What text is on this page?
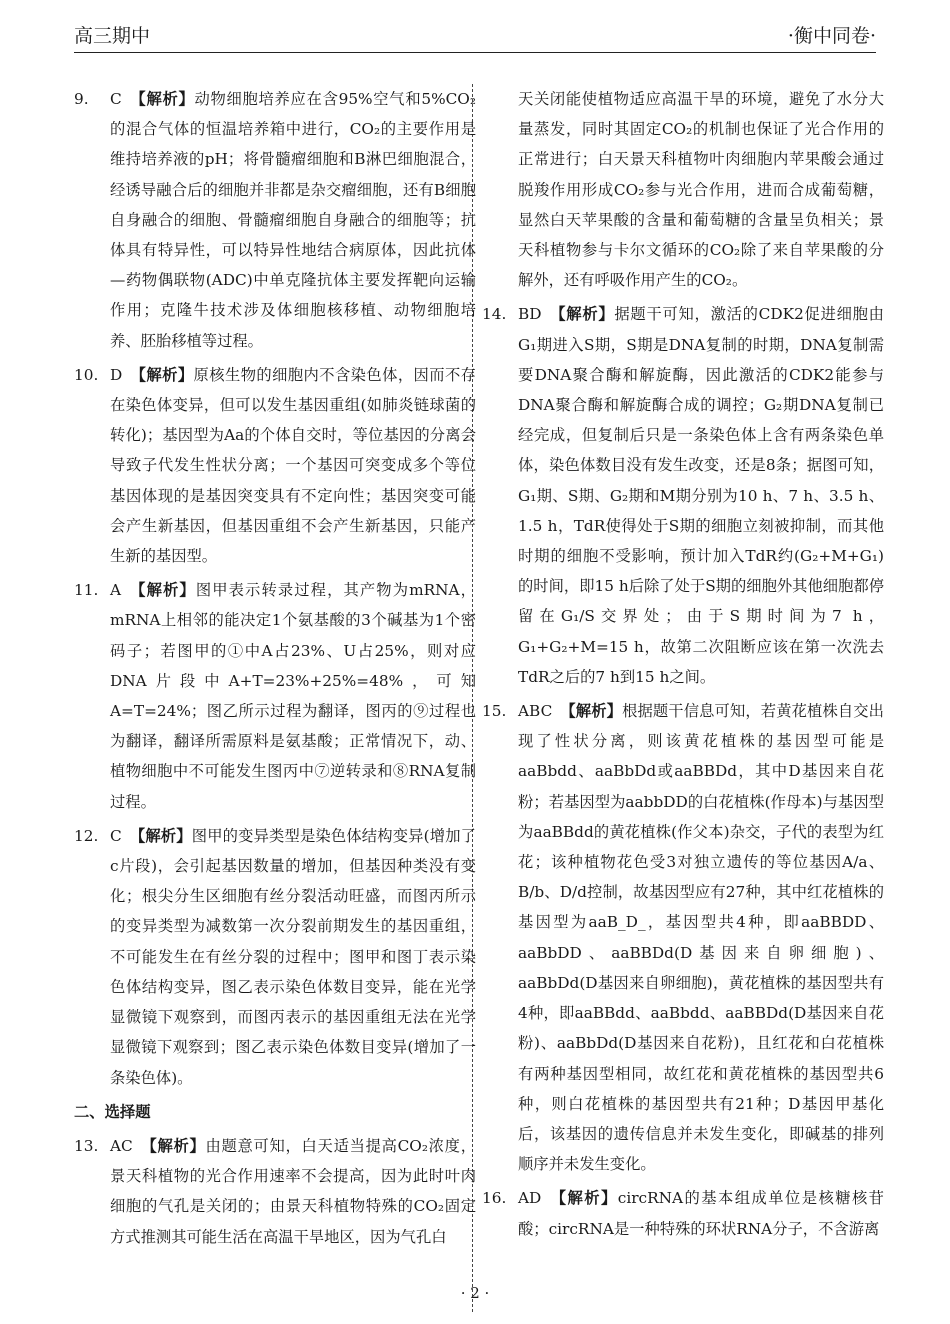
高三期中	·衡中同卷·
9.	C 【解析】动物细胞培养应在含95%空气和5%CO₂的混合气体的恒温培养箱中进行，CO₂的主要作用是维持培养液的pH；将骨髓瘤细胞和B淋巴细胞混合，经诱导融合后的细胞并非都是杂交瘤细胞，还有B细胞自身融合的细胞、骨髓瘤细胞自身融合的细胞等；抗体具有特异性，可以特异性地结合病原体，因此抗体—药物偶联物(ADC)中单克隆抗体主要发挥靶向运输作用；克隆牛技术涉及体细胞核移植、动物细胞培养、胚胎移植等过程。
10. D 【解析】原核生物的细胞内不含染色体，因而不存在染色体变异，但可以发生基因重组(如肺炎链球菌的转化)；基因型为Aa的个体自交时，等位基因的分离会导致子代发生性状分离；一个基因可突变成多个等位基因体现的是基因突变具有不定向性；基因突变可能会产生新基因，但基因重组不会产生新基因，只能产生新的基因型。
11. A 【解析】图甲表示转录过程，其产物为mRNA，mRNA上相邻的能决定1个氨基酸的3个碱基为1个密码子；若图甲的①中A占23%、U占25%，则对应DNA片段中A+T=23%+25%=48%，可知A=T=24%；图乙所示过程为翻译，图丙的⑨过程也为翻译，翻译所需原料是氨基酸；正常情况下，动、植物细胞中不可能发生图丙中⑦逆转录和⑧RNA复制过程。
12. C 【解析】图甲的变异类型是染色体结构变异(增加了c片段)，会引起基因数量的增加，但基因种类没有变化；根尖分生区细胞有丝分裂活动旺盛，而图丙所示的变异类型为减数第一次分裂前期发生的基因重组，不可能发生在有丝分裂的过程中；图甲和图丁表示染色体结构变异，图乙表示染色体数目变异，能在光学显微镜下观察到，而图丙表示的基因重组无法在光学显微镜下观察到；图乙表示染色体数目变异(增加了一条染色体)。
二、选择题
13. AC 【解析】由题意可知，白天适当提高CO₂浓度，景天科植物的光合作用速率不会提高，因为此时叶肉细胞的气孔是关闭的；由景天科植物特殊的CO₂固定方式推测其可能生活在高温干旱地区，因为气孔白
天关闭能使植物适应高温干旱的环境，避免了水分大量蒸发，同时其固定CO₂的机制也保证了光合作用的正常进行；白天景天科植物叶肉细胞内苹果酸会通过脱羧作用形成CO₂参与光合作用，进而合成葡萄糖，显然白天苹果酸的含量和葡萄糖的含量呈负相关；景天科植物参与卡尔文循环的CO₂除了来自苹果酸的分解外，还有呼吸作用产生的CO₂。
14. BD 【解析】据题干可知，激活的CDK2促进细胞由G₁期进入S期，S期是DNA复制的时期，DNA复制需要DNA聚合酶和解旋酶，因此激活的CDK2能参与DNA聚合酶和解旋酶合成的调控；G₂期DNA复制已经完成，但复制后只是一条染色体上含有两条染色单体，染色体数目没有发生改变，还是8条；据图可知，G₁期、S期、G₂期和M期分别为10 h、7 h、3.5 h、1.5 h，TdR使得处于S期的细胞立刻被抑制，而其他时期的细胞不受影响，预计加入TdR约(G₂+M+G₁)的时间，即15 h后除了处于S期的细胞外其他细胞都停留在G₁/S交界处；由于S期时间为7 h，G₁+G₂+M=15 h，故第二次阻断应该在第一次洗去TdR之后的7 h到15 h之间。
15. ABC 【解析】根据题干信息可知，若黄花植株自交出现了性状分离，则该黄花植株的基因型可能是aaBbdd、aaBbDd或aaBBDd，其中D基因来自花粉；若基因型为aabbDD的白花植株(作母本)与基因型为aaBBdd的黄花植株(作父本)杂交，子代的表型为红花；该种植物花色受3对独立遗传的等位基因A/a、B/b、D/d控制，故基因型应有27种，其中红花植株的基因型为aaB_D_，基因型共4种，即aaBBDD、aaBbDD、aaBBDd(D基因来自卵细胞)、aaBbDd(D基因来自卵细胞)，黄花植株的基因型共有4种，即aaBBdd、aaBbdd、aaBBDd(D基因来自花粉)、aaBbDd(D基因来自花粉)，且红花和白花植株有两种基因型相同，故红花和黄花植株的基因型共6种，则白花植株的基因型共有21种；D基因甲基化后，该基因的遗传信息并未发生变化，即碱基的排列顺序并未发生变化。
16. AD 【解析】circRNA的基本组成单位是核糖核苷酸；circRNA是一种特殊的环状RNA分子，不含游离
· 2 ·
